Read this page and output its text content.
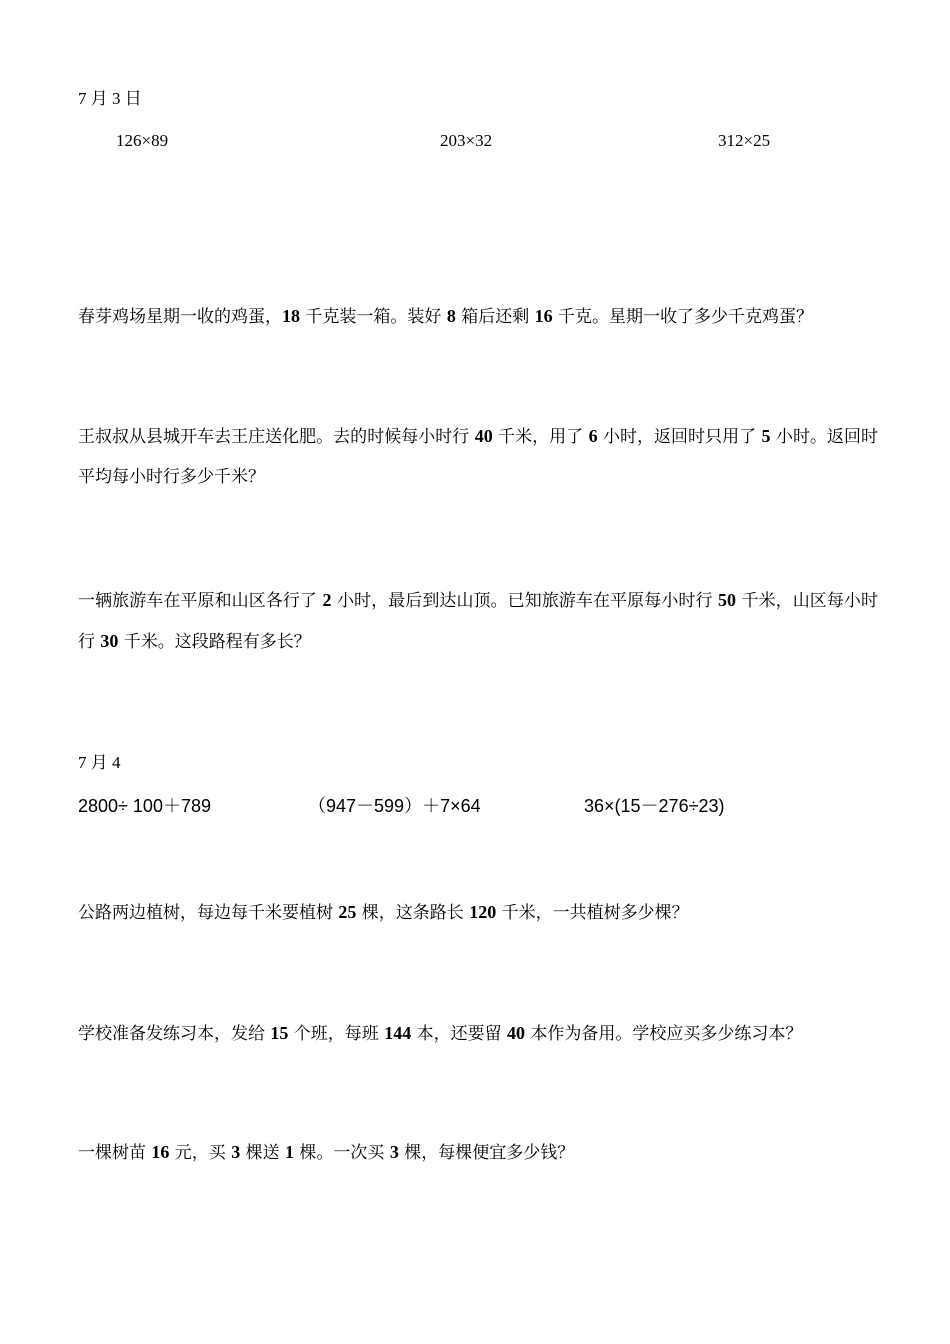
7 月 3 日
126×89	203×32	312×25
春芽鸡场星期一收的鸡蛋，18 千克装一箱。装好 8 箱后还剩 16 千克。星期一收了多少千克鸡蛋？
王叔叔从县城开车去王庄送化肥。去的时候每小时行 40 千米，用了 6 小时，返回时只用了 5 小时。返回时平均每小时行多少千米？
一辆旅游车在平原和山区各行了 2 小时，最后到达山顶。已知旅游车在平原每小时行 50 千米，山区每小时行 30 千米。这段路程有多长？
7 月 4
2800÷ 100＋789	（947－599）＋7×64	36×(15－276÷23)
公路两边植树，每边每千米要植树 25 棵，这条路长 120 千米，一共植树多少棵？
学校准备发练习本，发给 15 个班，每班 144 本，还要留 40 本作为备用。学校应买多少练习本？
一棵树苗 16 元，买 3 棵送 1 棵。一次买 3 棵，每棵便宜多少钱？
